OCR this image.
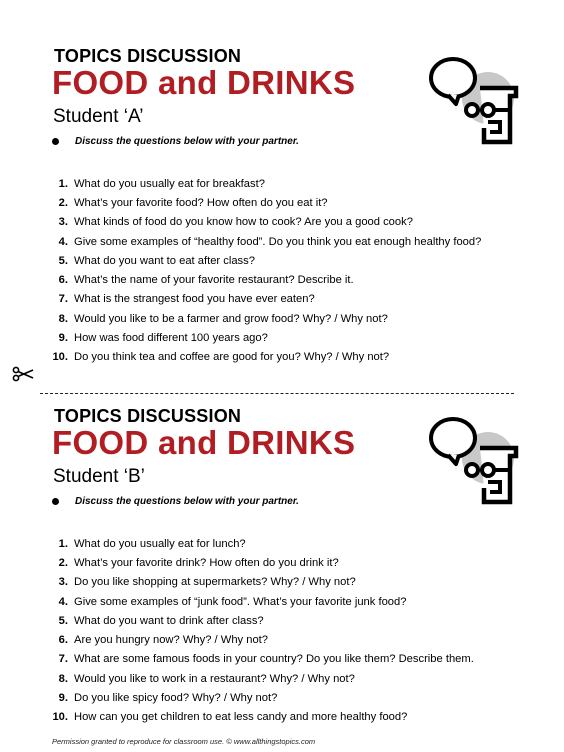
TOPICS DISCUSSION
FOOD and DRINKS
Student ‘A’
Discuss the questions below with your partner.
1. What do you usually eat for breakfast?
2. What’s your favorite food? How often do you eat it?
3. What kinds of food do you know how to cook? Are you a good cook?
4. Give some examples of “healthy food”. Do you think you eat enough healthy food?
5. What do you want to eat after class?
6. What’s the name of your favorite restaurant? Describe it.
7. What is the strangest food you have ever eaten?
8. Would you like to be a farmer and grow food? Why? / Why not?
9. How was food different 100 years ago?
10. Do you think tea and coffee are good for you? Why? / Why not?
TOPICS DISCUSSION
FOOD and DRINKS
Student ‘B’
Discuss the questions below with your partner.
1. What do you usually eat for lunch?
2. What’s your favorite drink? How often do you drink it?
3. Do you like shopping at supermarkets? Why? / Why not?
4. Give some examples of “junk food”. What’s your favorite junk food?
5. What do you want to drink after class?
6. Are you hungry now? Why? / Why not?
7. What are some famous foods in your country? Do you like them? Describe them.
8. Would you like to work in a restaurant? Why? / Why not?
9. Do you like spicy food? Why? / Why not?
10. How can you get children to eat less candy and more healthy food?
Permission granted to reproduce for classroom use. © www.allthingstopics.com
